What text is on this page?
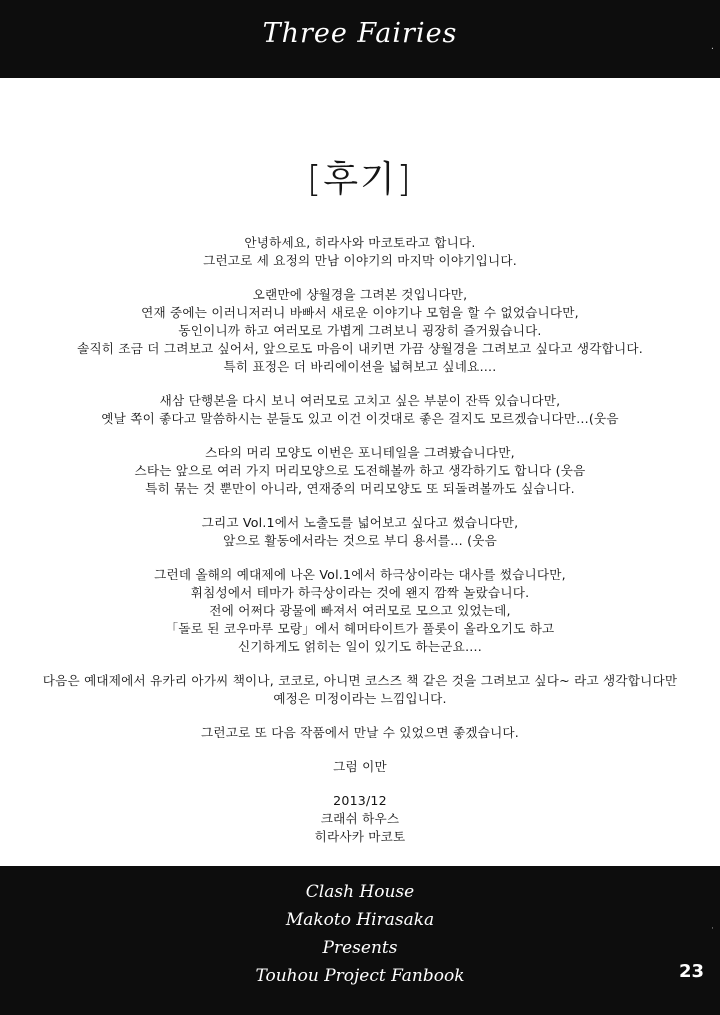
Three Fairies
·
[후기]
안녕하세요, 히라사와 마코토라고 합니다.
그런고로 세 요정의 만남 이야기의 마지막 이야기입니다.
오랜만에 샹월경을 그려본 것입니다만,
연재 중에는 이러니저러니 바빠서 새로운 이야기나 모험을 할 수 없었습니다만,
동인이니까 하고 여러모로 가볍게 그려보니 굉장히 즐거웠습니다.
솔직히 조금 더 그려보고 싶어서, 앞으로도 마음이 내키면 가끔 샹월경을 그려보고 싶다고 생각합니다.
특히 표정은 더 바리에이션을 넓혀보고 싶네요….
새삼 단행본을 다시 보니 여러모로 고치고 싶은 부분이 잔뜩 있습니다만,
옛날 쪽이 좋다고 말씀하시는 분들도 있고 이건 이것대로 좋은 걸지도 모르겠습니다만…(웃음
스타의 머리 모양도 이번은 포니테일을 그려봤습니다만,
스타는 앞으로 여러 가지 머리모양으로 도전해볼까 하고 생각하기도 합니다 (웃음
특히 묶는 것 뿐만이 아니라, 연재중의 머리모양도 또 되돌려볼까도 싶습니다.
그리고 Vol.1에서 노출도를 넓어보고 싶다고 썼습니다만,
앞으로 활동에서라는 것으로 부디 용서를… (웃음
그런데 올해의 예대제에 나온 Vol.1에서 하극상이라는 대사를 썼습니다만,
휘침성에서 테마가 하극상이라는 것에 왠지 깜짝 놀랐습니다.
전에 어쩌다 광물에 빠져서 여러모로 모으고 있었는데,
「돌로 된 코우마루 모랑」에서 헤머타이트가 풀롯이 올라오기도 하고
신기하게도 얽히는 일이 있기도 하는군요….
다음은 예대제에서 유카리 아가씨 책이나, 코코로, 아니면 코스즈 책 같은 것을 그려보고 싶다~ 라고 생각합니다만
예정은 미정이라는 느낌입니다.
그런고로 또 다음 작품에서 만날 수 있었으면 좋겠습니다.
그럼 이만
2013/12
크래쉬 하우스
히라사카 마코토
Clash House
Makoto Hirasaka
Presents
Touhou Project Fanbook
·
23
